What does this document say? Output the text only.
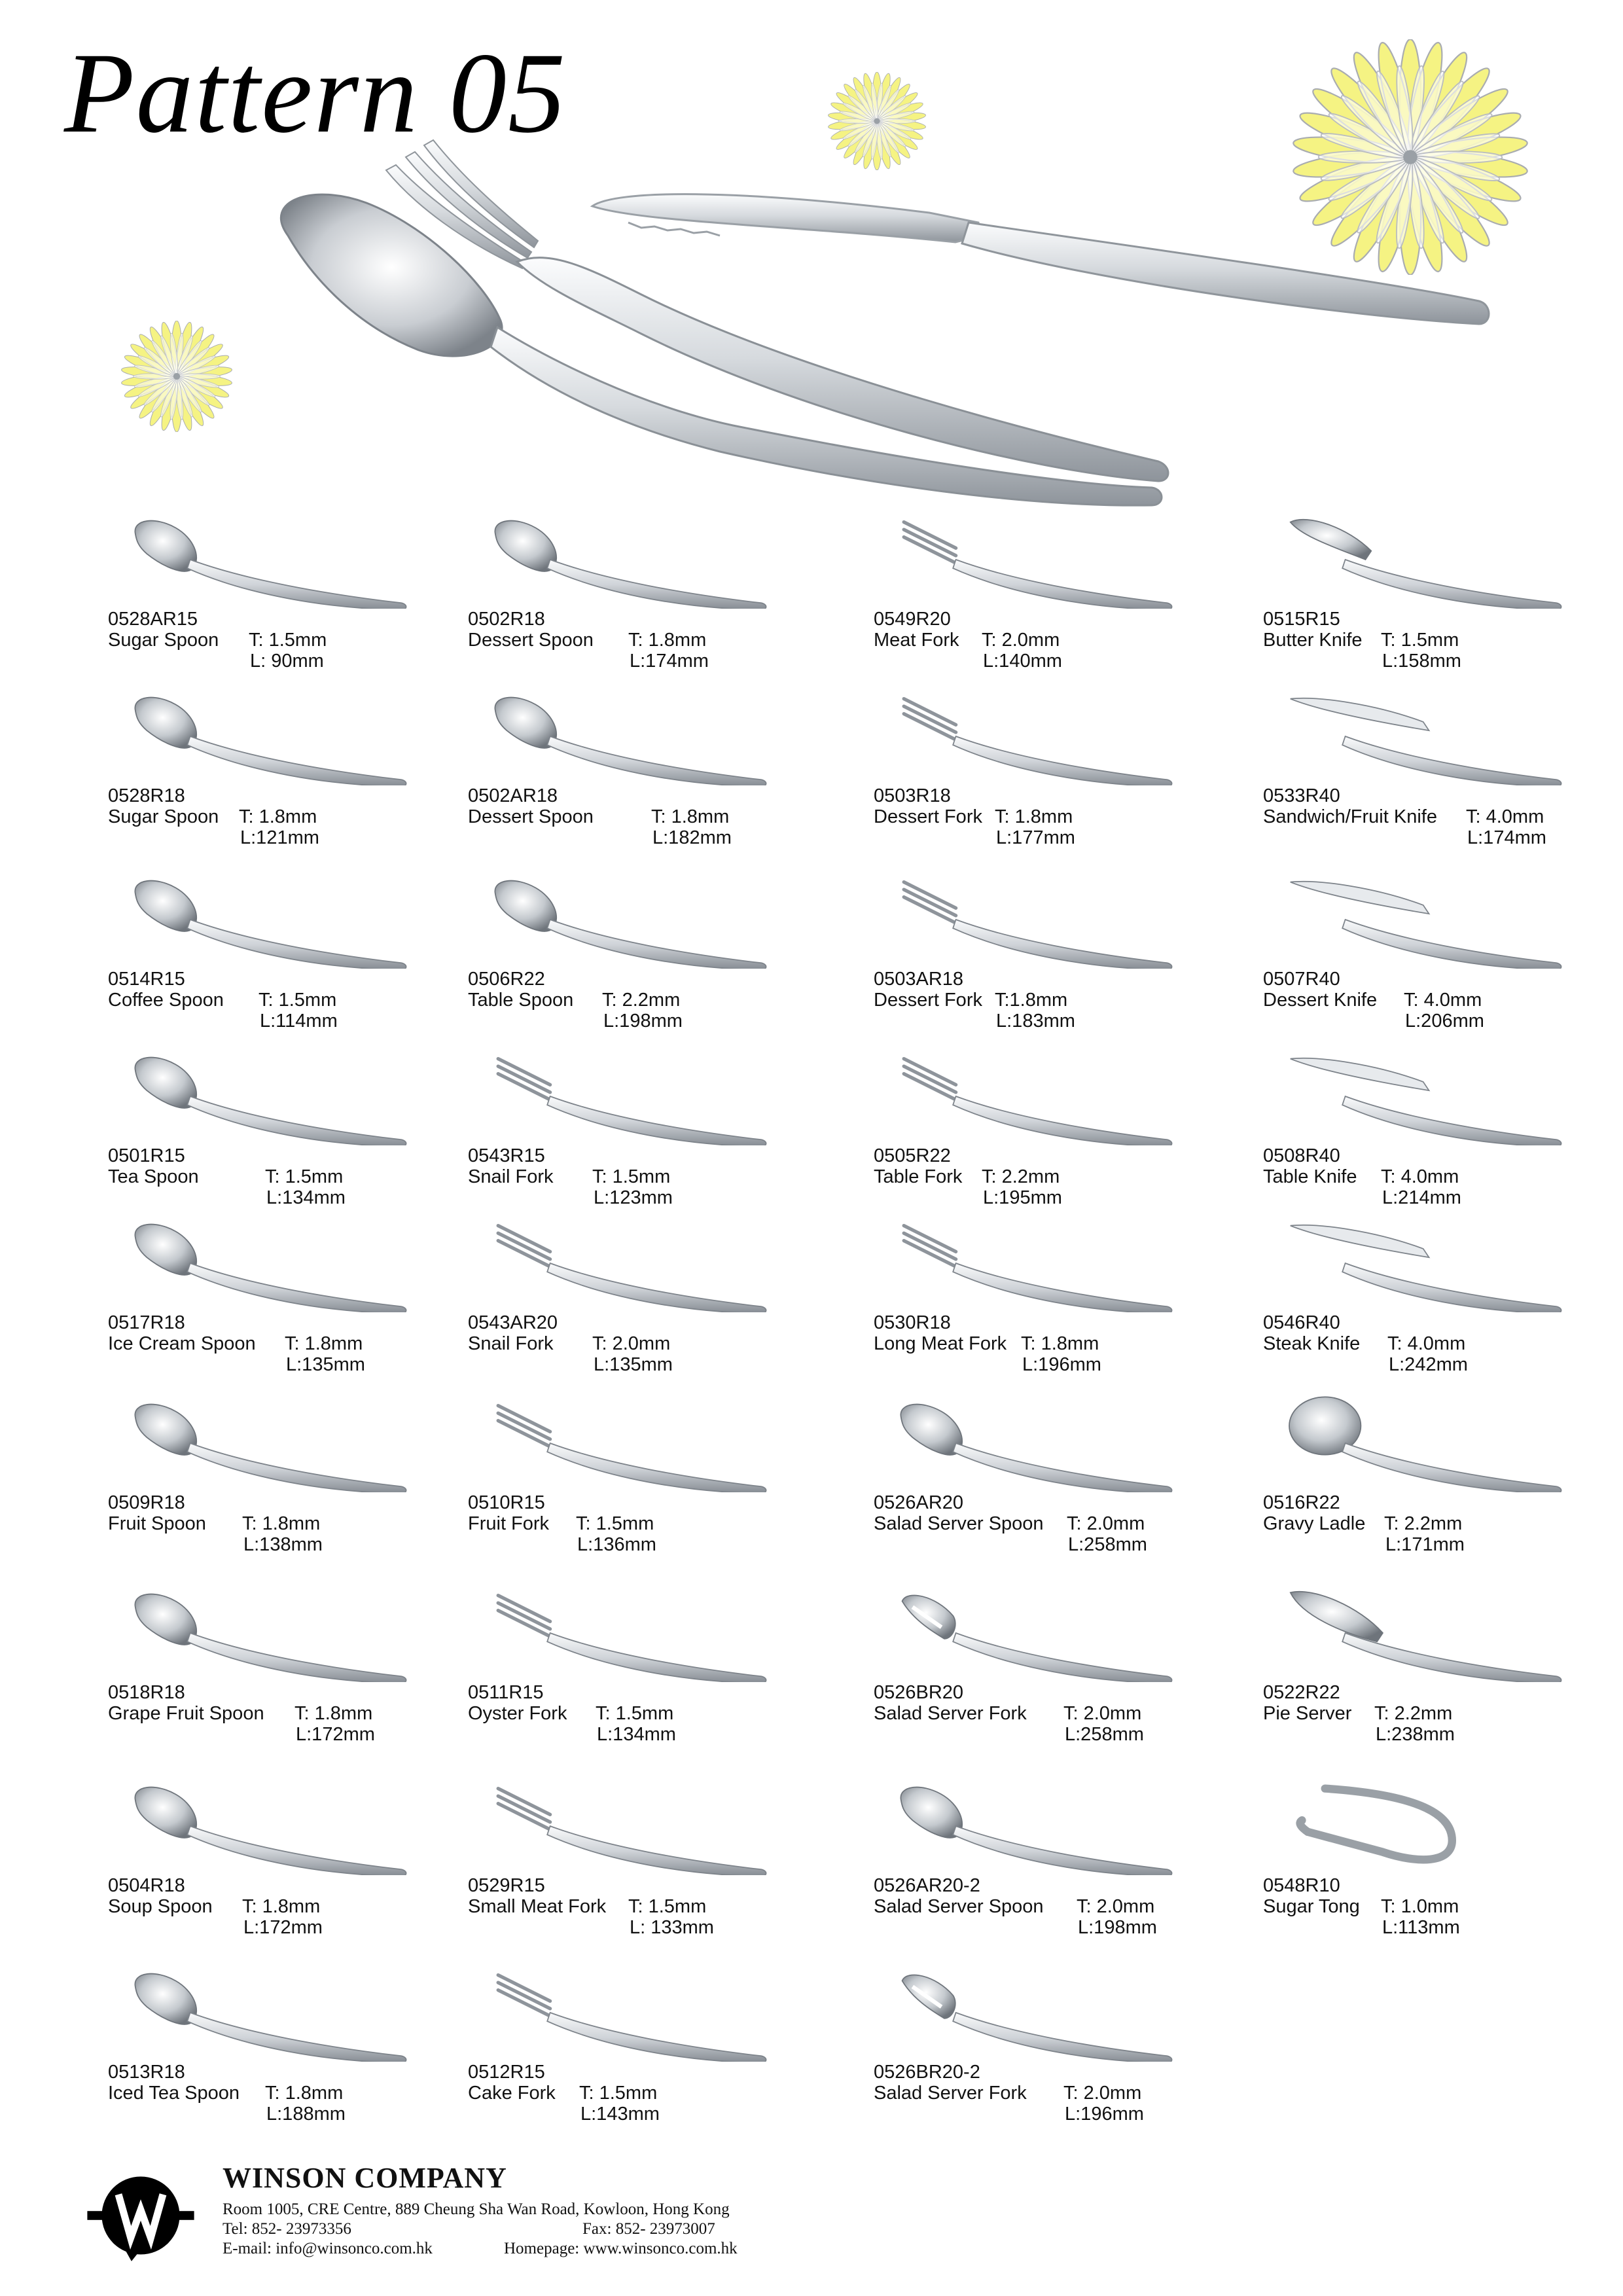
Pattern 05
0528AR15
Sugar Spoon T: 1.5mm
L: 90mm
0528R18
Sugar Spoon T: 1.8mm
L:121mm
0514R15
Coffee Spoon T: 1.5mm
L:114mm
0501R15
Tea Spoon	T: 1.5mm
L:134mm
0517R18
Ice Cream Spoon T: 1.8mm
L:135mm
0509R18
Fruit Spoon T: 1.8mm
L:138mm
0518R18
Grape Fruit Spoon T: 1.8mm
L:172mm
0504R18
Soup Spoon T: 1.8mm
L:172mm
0513R18
Iced Tea Spoon T: 1.8mm
L:188mm
0502R18
Dessert Spoon T: 1.8mm
L:174mm
0502AR18
Dessert Spoon	T: 1.8mm
L:182mm
0506R22
Table Spoon T: 2.2mm
L:198mm
0543R15
Snail Fork T: 1.5mm
L:123mm
0543AR20
Snail Fork T: 2.0mm
L:135mm
0510R15
Fruit Fork T: 1.5mm
L:136mm
0511R15
Oyster Fork T: 1.5mm
L:134mm
0529R15
Small Meat Fork T: 1.5mm
L: 133mm
0512R15
Cake Fork T: 1.5mm
L:143mm
0549R20
Meat Fork T: 2.0mm
L:140mm
0503R18
Dessert Fork T: 1.8mm
L:177mm
0503AR18
Dessert Fork T:1.8mm
L:183mm
0505R22
Table Fork T: 2.2mm
L:195mm
0530R18
Long Meat Fork T: 1.8mm
L:196mm
0526AR20
Salad Server Spoon T: 2.0mm
L:258mm
0526BR20
Salad Server Fork T: 2.0mm
L:258mm
0526AR20-2
Salad Server Spoon T: 2.0mm
L:198mm
0526BR20-2
Salad Server Fork T: 2.0mm
L:196mm
0515R15
Butter Knife T: 1.5mm
L:158mm
0533R40
Sandwich/Fruit Knife T: 4.0mm
L:174mm
0507R40
Dessert Knife T: 4.0mm
L:206mm
0508R40
Table Knife T: 4.0mm
L:214mm
0546R40
Steak Knife T: 4.0mm
L:242mm
0516R22
Gravy Ladle T: 2.2mm
L:171mm
0522R22
Pie Server T: 2.2mm
L:238mm
0548R10
Sugar Tong T: 1.0mm
L:113mm
WINSON COMPANY
Room 1005, CRE Centre, 889 Cheung Sha Wan Road, Kowloon, Hong Kong
Tel: 852- 23973356	Fax: 852- 23973007
E-mail: info@winsonco.com.hk	Homepage: www.winsonco.com.hk
